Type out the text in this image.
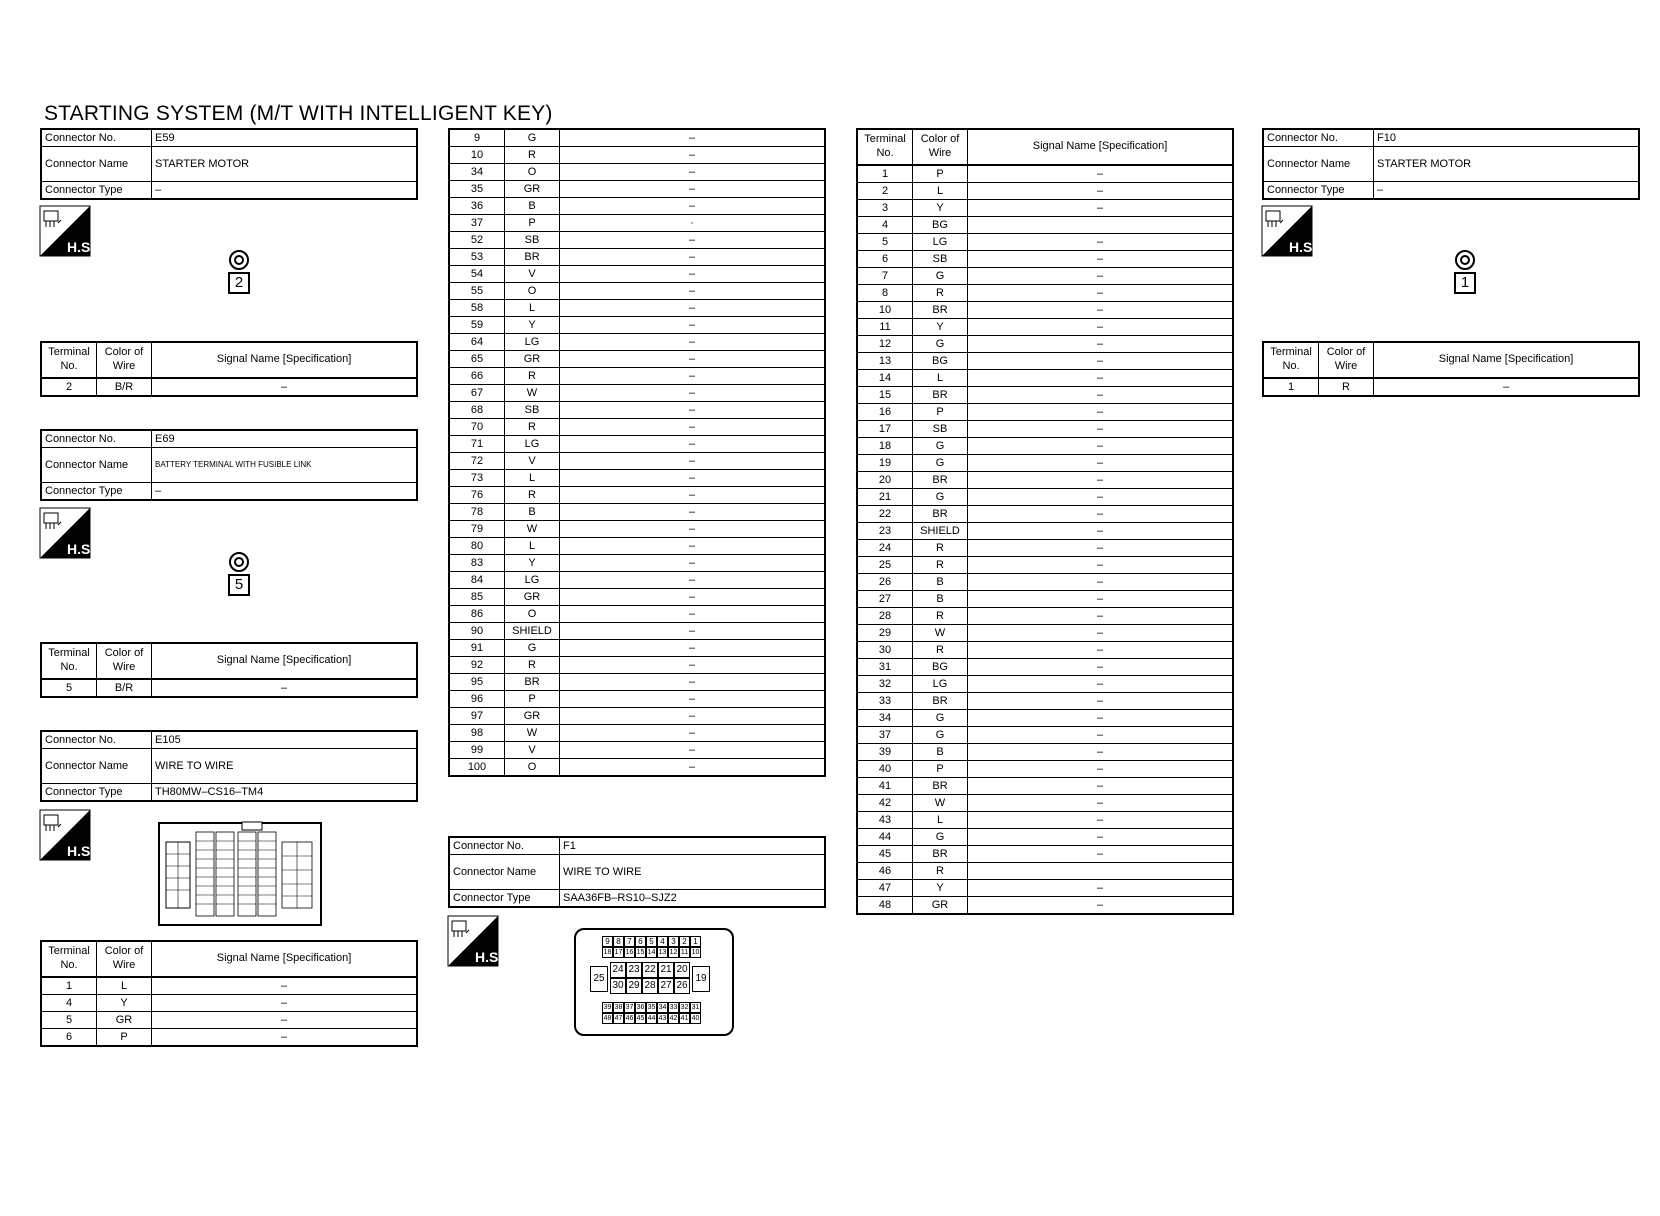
STARTING SYSTEM (M/T WITH INTELLIGENT KEY)
Connector No.	E59
Connector Name	STARTER MOTOR
Connector Type	–
H.S.
2
Terminal No.	Color of Wire	Signal Name [Specification]
2	B/R	–
Connector No.	E69
Connector Name	BATTERY TERMINAL WITH FUSIBLE LINK
Connector Type	–
H.S.
5
Terminal No.	Color of Wire	Signal Name [Specification]
5	B/R	–
Connector No.	E105
Connector Name	WIRE TO WIRE
Connector Type	TH80MW–CS16–TM4
H.S.
Terminal No.	Color of Wire	Signal Name [Specification]
1	L	–
4	Y	–
5	GR	–
6	P	–
9	G	–
10	R	–
34	O	–
35	GR	–
36	B	–
37	P	·
52	SB	–
53	BR	–
54	V	–
55	O	–
58	L	–
59	Y	–
64	LG	–
65	GR	–
66	R	–
67	W	–
68	SB	–
70	R	–
71	LG	–
72	V	–
73	L	–
76	R	–
78	B	–
79	W	–
80	L	–
83	Y	–
84	LG	–
85	GR	–
86	O	–
90	SHIELD	–
91	G	–
92	R	–
95	BR	–
96	P	–
97	GR	–
98	W	–
99	V	–
100	O	–
Connector No.	F1
Connector Name	WIRE TO WIRE
Connector Type	SAA36FB–RS10–SJZ2
H.S.
9 8 7 6 5 4 3 2 1
18 17 16 15 14 13 12 11 10
25
24 23 22 21 20
30 29 28 27 26
19
39 38 37 36 35 34 33 32 31
48 47 46 45 44 43 42 41 40
Terminal No.	Color of Wire	Signal Name [Specification]
1	P	–
2	L	–
3	Y	–
4	BG	
5	LG	–
6	SB	–
7	G	–
8	R	–
10	BR	–
11	Y	–
12	G	–
13	BG	–
14	L	–
15	BR	–
16	P	–
17	SB	–
18	G	–
19	G	–
20	BR	–
21	G	–
22	BR	–
23	SHIELD	–
24	R	–
25	R	–
26	B	–
27	B	–
28	R	–
29	W	–
30	R	–
31	BG	–
32	LG	–
33	BR	–
34	G	–
37	G	–
39	B	–
40	P	–
41	BR	–
42	W	–
43	L	–
44	G	–
45	BR	–
46	R	
47	Y	–
48	GR	–
Connector No.	F10
Connector Name	STARTER MOTOR
Connector Type	–
H.S.
1
Terminal No.	Color of Wire	Signal Name [Specification]
1	R	–
